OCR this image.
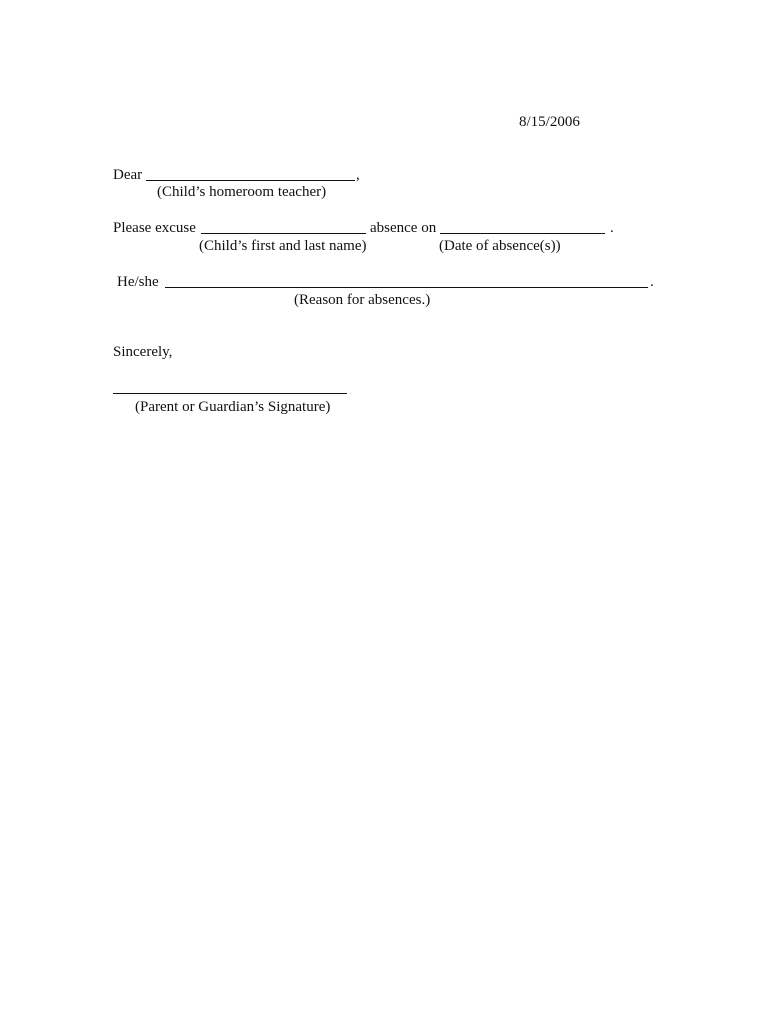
8/15/2006
Dear	,
(Child’s homeroom teacher)
Please excuse	absence on	.
(Child’s first and last name)	(Date of absence(s))
He/she	.
(Reason for absences.)
Sincerely,
(Parent or Guardian’s Signature)
